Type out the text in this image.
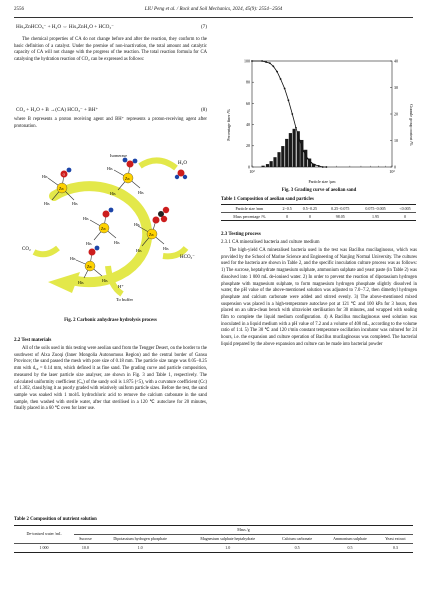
2556	LIU Peng et al. / Rock and Soil Mechanics, 2024, 45(9): 2554−2564
His₃ZnHCO₃⁻ + H₂O ⇔ His₃ZnH₂O + HCO₃⁻	(7)

The chemical properties of CA do not change before and after the reaction, they conform to the basic definition of a catalyst. Under the premise of non-inactivation, the total amount and catalytic capacity of CA will not change with the progress of the reaction. The total reaction formula for CA catalysing the hydration reaction of CO₂ can be expressed as follows:

CO₂ + H₂O + B →(CA) HCO₃⁻ + BH⁺	(8)

where B represents a proton receiving agent and BH⁺ represents a proton-receiving agent after protonation.

Zn
O
His
His	His
Zn
His
His	His
Isomerase
H₂O
Zn
His
His	His
Zn
His
His	His
Zn
His
His	His
CO₂
HCO₃⁻
To buffer
H⁺
Fig. 2 Carbonic anhydrase hydrolysis process
2.2 Test materials

All of the soils used in this testing were aeolian sand from the Tengger Desert, on the border to the southwest of Alxa Zuoqi (Inner Mongolia Autonomous Region) and the central border of Gansu Province; the sand passed the mesh with pore size of 0.18 mm. The particle size range was 0.05−0.25 mm with d₅₀ = 0.14 mm, which defined it as fine sand. The grading curve and particle composition, measured by the laser particle size analyser, are shown in Fig. 3 and Table 1, respectively. The calculated uniformity coefficient (Cᵤ) of the sandy soil is 1.875 (<5), with a curvature coefficient (Cᴄ) of 1.302, classifying it as poorly graded with relatively uniform particle sizes. Before the test, the sand sample was soaked with 1 mol/L hydrochloric acid to remove the calcium carbonate in the sand sample, then washed with sterile water, after that sterilised in a 120 ℃ autoclave for 20 minutes, finally placed in a 60 ℃ oven for later use.

0
20
40
60
80
100
0
10
20
30
40
10²	10³
Percentage finer /%	Granule group content /%
Particle size /µm
Fig. 3 Grading curve of aeolian sand
Table 1 Composition of aeolian sand particles
Particle size /mm	2−0.5	0.5−0.25	0.25−0.075	0.075−0.005	<0.005
Mass percentage /%	0	0	98.05	1.95	0
2.3 Testing process
2.3.1 CA mineralised bacteria and culture medium

The high-yield CA mineralised bacteria used in the test was Bacillus mucilaginosus, which was provided by the School of Marine Science and Engineering of Nanjing Normal University. The cultures used for the bacteria are shown in Table 2, and the specific inoculation culture process was as follows: 1) The sucrose, heptahydrate magnesium sulphate, ammonium sulphate and yeast paste (in Table 2) was dissolved into 1 000 mL de-ionised water. 2) In order to prevent the reaction of dipotassium hydrogen phosphate with magnesium sulphate, to form magnesium hydrogen phosphate slightly dissolved in water, the pH value of the above-mentioned solution was adjusted to 7.0−7.2, then dimethyl hydrogen phosphate and calcium carbonate were added and stirred evenly. 3) The above-mentioned mixed suspension was placed in a high-temperature autoclave pot at 121 ℃ and 100 kPa for 3 hours, then placed on an ultra-clean bench with ultraviolet sterilisation for 30 minutes, and wrapped with sealing film to complete the liquid medium configuration. 4) A Bacillus mucilaginosus seed solution was inoculated in a liquid medium with a pH value of 7.2 and a volume of 400 mL, according to the volume ratio of 1∶4. 5) The 30 ℃ and 120 r/min constant temperature oscillation incubator was cultured for 24 hours, i.e. the expansion and culture operation of Bacillus mucilaginosus was completed. The bacterial liquid prepared by the above expansion and culture can be made into bacterial powder

Table 2 Composition of nutrient solution
De-ionised water /mL	Mass /g					
	Sucrose	Dipotassium hydrogen phosphate	Magnesium sulphate heptahydrate	Calcium carbonate	Ammonium sulphate	Yeast extract
1 000	10.0	1.0	1.0	0.5	0.5	0.3
